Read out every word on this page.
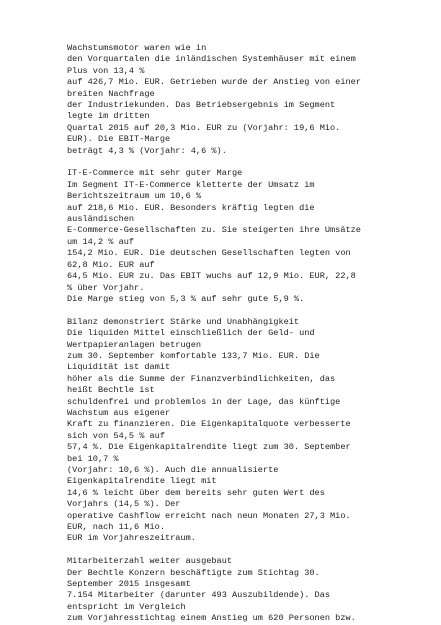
Wachstumsmotor waren wie in
den Vorquartalen die inländischen Systemhäuser mit einem
Plus von 13,4 %
auf 426,7 Mio. EUR. Getrieben wurde der Anstieg von einer
breiten Nachfrage
der Industriekunden. Das Betriebsergebnis im Segment
legte im dritten
Quartal 2015 auf 20,3 Mio. EUR zu (Vorjahr: 19,6 Mio.
EUR). Die EBIT-Marge
beträgt 4,3 % (Vorjahr: 4,6 %).
IT-E-Commerce mit sehr guter Marge
Im Segment IT-E-Commerce kletterte der Umsatz im
Berichtszeitraum um 10,6 %
auf 218,6 Mio. EUR. Besonders kräftig legten die
ausländischen
E-Commerce-Gesellschaften zu. Sie steigerten ihre Umsätze
um 14,2 % auf
154,2 Mio. EUR. Die deutschen Gesellschaften legten von
62,8 Mio. EUR auf
64,5 Mio. EUR zu. Das EBIT wuchs auf 12,9 Mio. EUR, 22,8
% über Vorjahr.
Die Marge stieg von 5,3 % auf sehr gute 5,9 %.
Bilanz demonstriert Stärke und Unabhängigkeit
Die liquiden Mittel einschließlich der Geld- und
Wertpapieranlagen betrugen
zum 30. September komfortable 133,7 Mio. EUR. Die
Liquidität ist damit
höher als die Summe der Finanzverbindlichkeiten, das
heißt Bechtle ist
schuldenfrei und problemlos in der Lage, das künftige
Wachstum aus eigener
Kraft zu finanzieren. Die Eigenkapitalquote verbesserte
sich von 54,5 % auf
57,4 %. Die Eigenkapitalrendite liegt zum 30. September
bei 10,7 %
(Vorjahr: 10,6 %). Auch die annualisierte
Eigenkapitalrendite liegt mit
14,6 % leicht über dem bereits sehr guten Wert des
Vorjahrs (14,5 %). Der
operative Cashflow erreicht nach neun Monaten 27,3 Mio.
EUR, nach 11,6 Mio.
EUR im Vorjahreszeitraum.
Mitarbeiterzahl weiter ausgebaut
Der Bechtle Konzern beschäftigte zum Stichtag 30.
September 2015 insgesamt
7.154 Mitarbeiter (darunter 493 Auszubildende). Das
entspricht im Vergleich
zum Vorjahresstichtag einem Anstieg um 620 Personen bzw.
